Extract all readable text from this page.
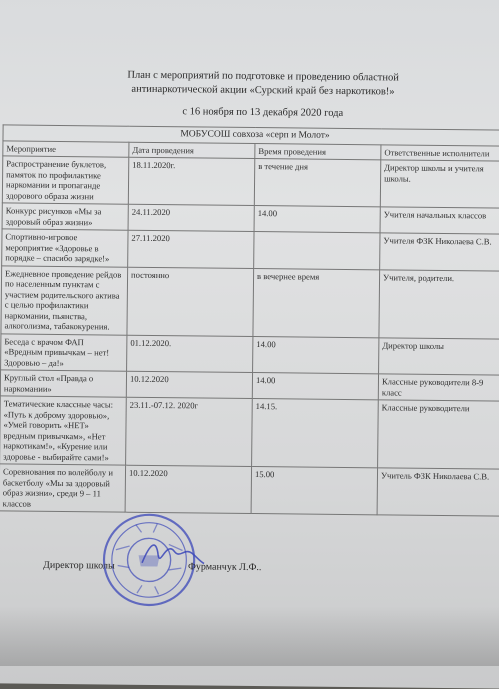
План с мероприятий по подготовке и проведению областной
антинаркотической акции «Сурский край без наркотиков!»
с 16 ноября по 13 декабря 2020 года
МОБУСОШ совхоза «серп и Молот»			
Мероприятие	Дата проведения	Время проведения	Ответственные исполнители
Распространение буклетов, памяток по профилактике наркомании и пропаганде здорового образа жизни	18.11.2020г.	в течение дня	Директор школы и учителя школы.
Конкурс рисунков «Мы за здоровый образ жизни»	24.11.2020	14.00	Учителя начальных классов
Спортивно-игровое мероприятие «Здоровье в порядке – спасибо зарядке!»	27.11.2020		Учителя ФЗК Николаева С.В.
Ежедневное проведение рейдов по населенным пунктам с участием родительского актива с целью профилактики наркомании, пьянства, алкоголизма, табакокурения.	постоянно	в вечернее время	Учителя, родители.
Беседа с врачом ФАП «Вредным привычкам – нет! Здоровью – да!»	01.12.2020.	14.00	Директор школы
Круглый стол «Правда о наркомании»	10.12.2020	14.00	Классные руководители 8-9 класс
Тематические классные часы: «Путь к доброму здоровью», «Умей говорить «НЕТ» вредным привычкам», «Нет наркотикам!», «Курение или здоровье - выбирайте сами!»	23.11.-07.12. 2020г	14.15.	Классные руководители
Соревнования по волейболу и баскетболу «Мы за здоровый образ жизни», среди 9 – 11 классов	10.12.2020	15.00	Учитель ФЗК Николаева С.В.
Директор школы	Фурманчук Л.Ф..
